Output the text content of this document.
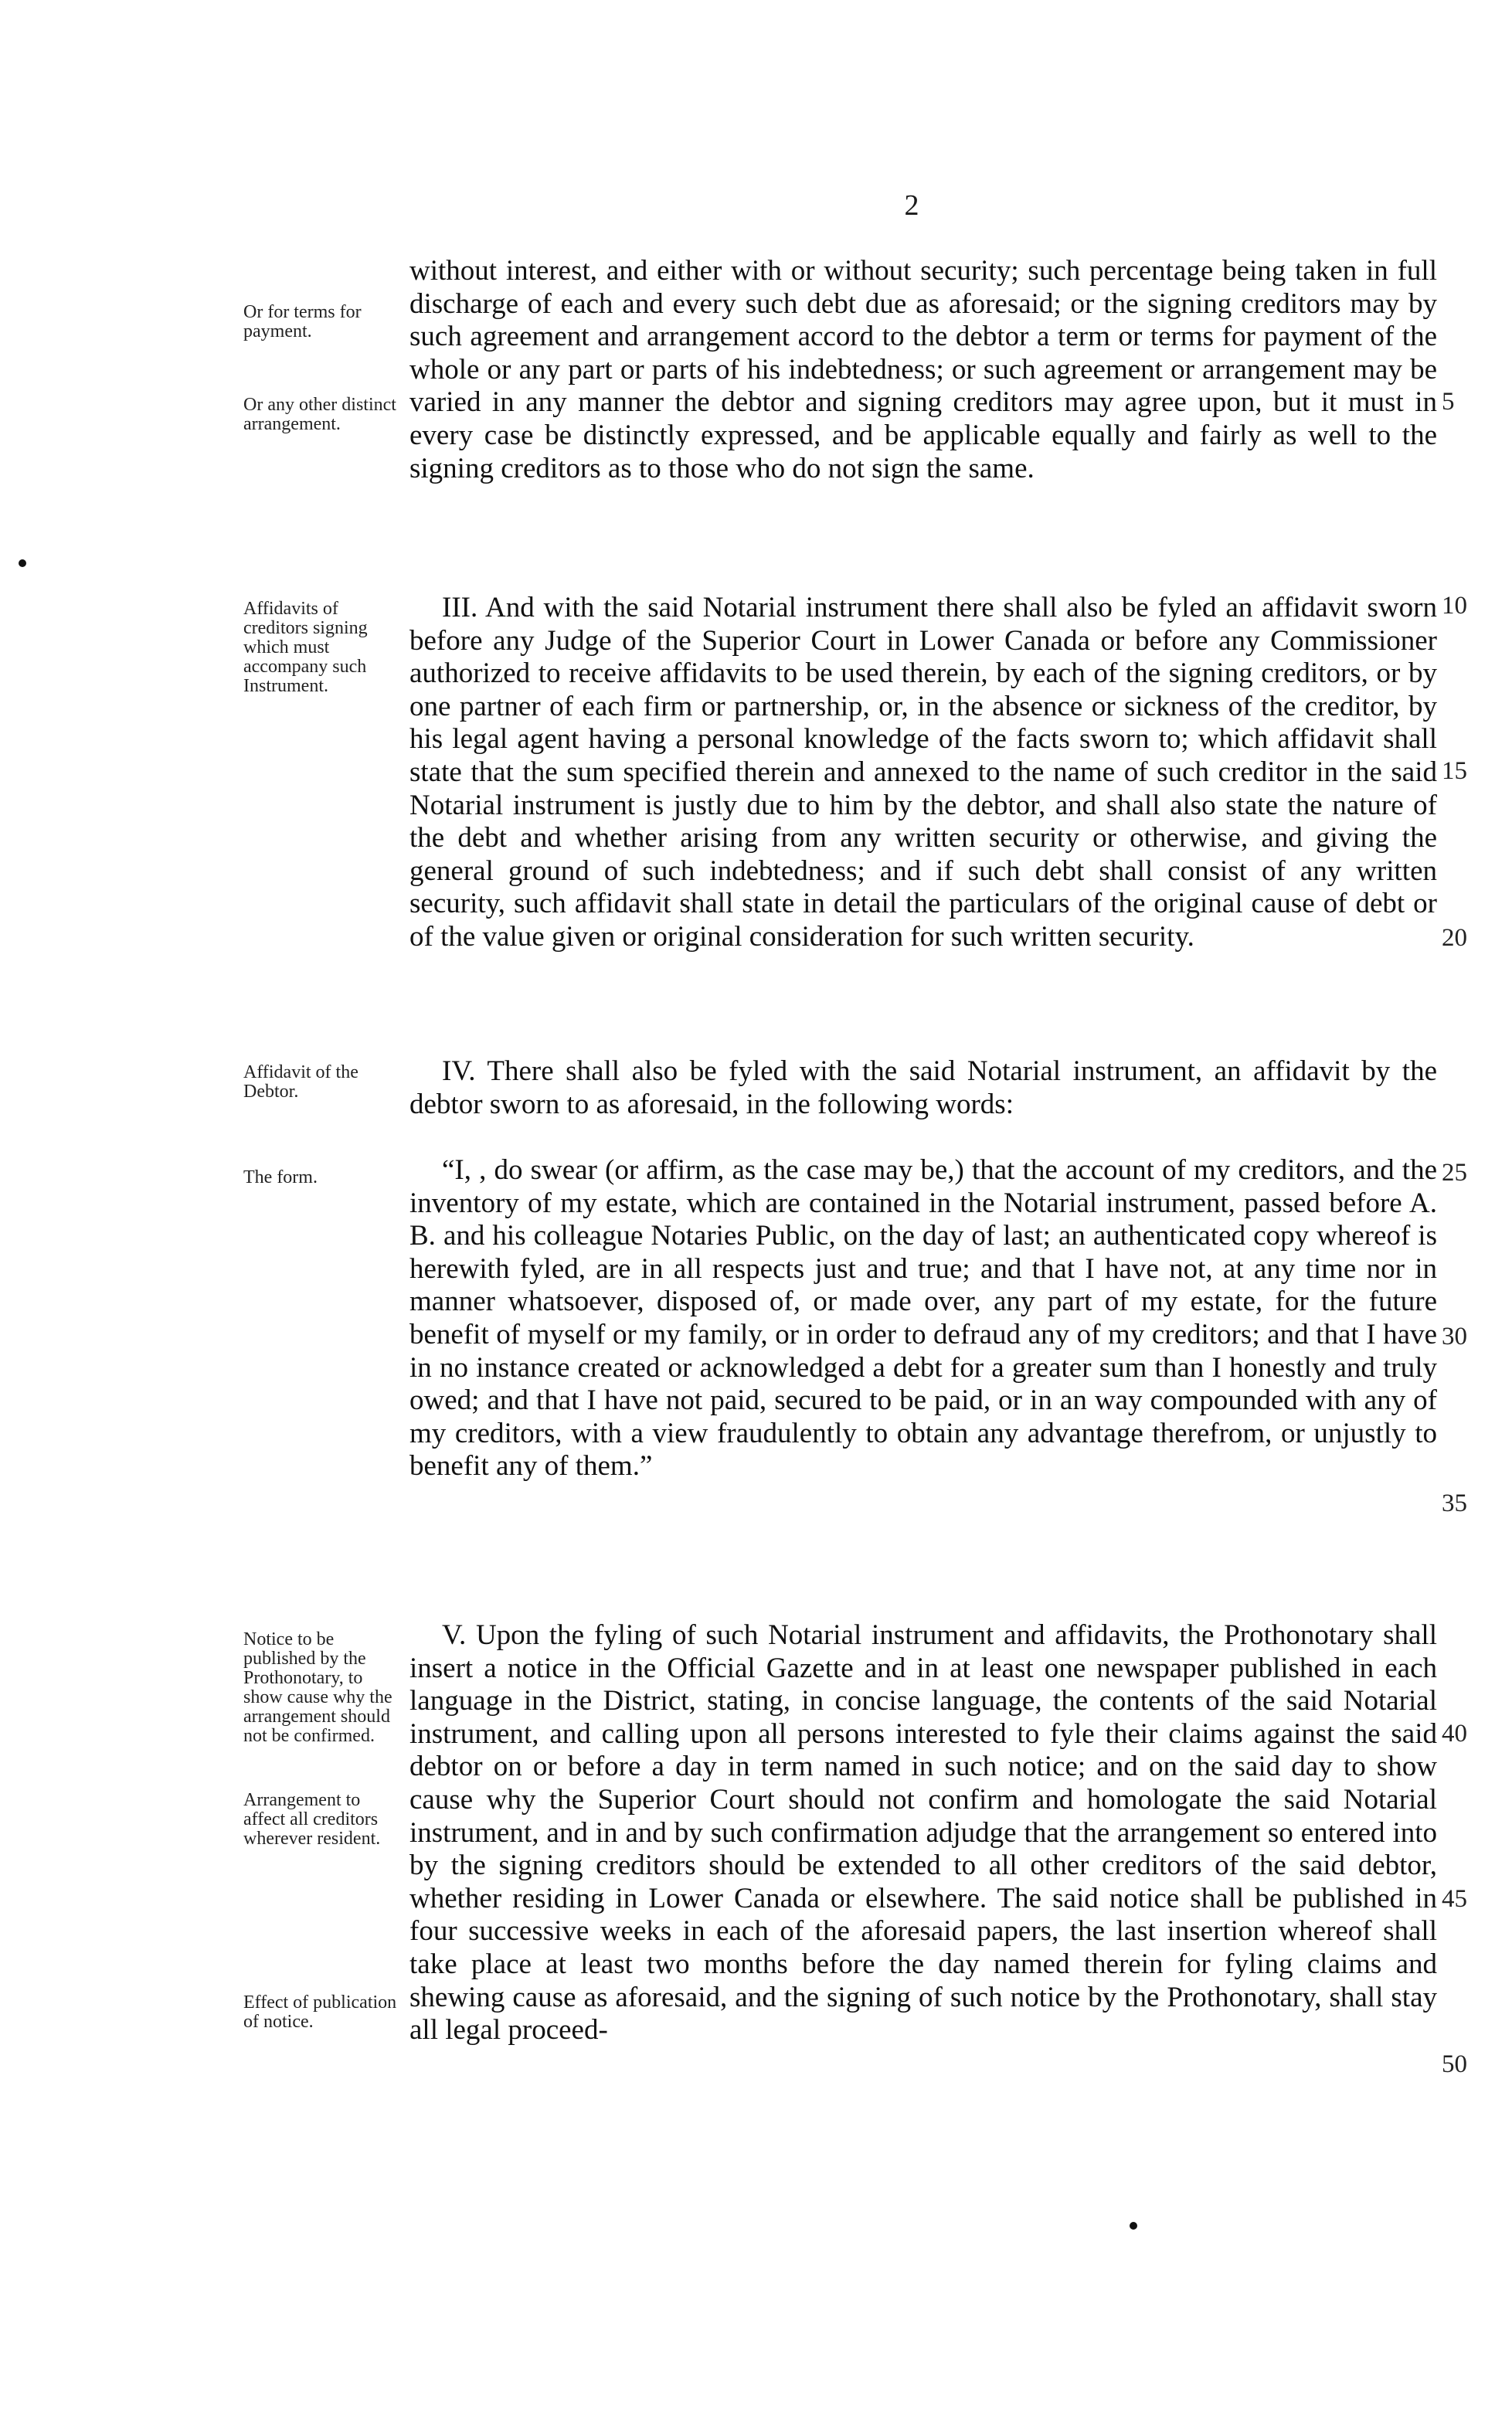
2
Or for terms for payment.
Or any other distinct arrangement.

without interest, and either with or without security; such percentage being taken in full discharge of each and every such debt due as aforesaid; or the signing creditors may by such agreement and arrangement accord to the debtor a term or terms for payment of the whole or any part or parts of his indebtedness; or such agreement or arrangement may be varied in any manner the debtor and signing creditors may agree upon, but it must in every case be distinctly expressed, and be applicable equally and fairly as well to the signing creditors as to those who do not sign the same.

Affidavits of creditors signing which must accompany such Instrument.

III. And with the said Notarial instrument there shall also be fyled an affidavit sworn before any Judge of the Superior Court in Lower Canada or before any Commissioner authorized to receive affidavits to be used therein, by each of the signing creditors, or by one partner of each firm or partnership, or, in the absence or sickness of the creditor, by his legal agent having a personal knowledge of the facts sworn to; which affidavit shall state that the sum specified therein and annexed to the name of such creditor in the said Notarial instrument is justly due to him by the debtor, and shall also state the nature of the debt and whether arising from any written security or otherwise, and giving the general ground of such indebtedness; and if such debt shall consist of any written security, such affidavit shall state in detail the particulars of the original cause of debt or of the value given or original consideration for such written security.

Affidavit of the Debtor.

IV. There shall also be fyled with the said Notarial instrument, an affidavit by the debtor sworn to as aforesaid, in the following words:

The form.	“I, , do swear (or affirm, as the case may be,) that the account of my creditors, and the inventory of my estate, which are contained in the Notarial instrument, passed before A. B. and his colleague Notaries Public, on the day of last; an authenticated copy whereof is herewith fyled, are in all respects just and true; and that I have not, at any time nor in manner whatsoever, disposed of, or made over, any part of my estate, for the future benefit of myself or my family, or in order to defraud any of my creditors; and that I have in no instance created or acknowledged a debt for a greater sum than I honestly and truly owed; and that I have not paid, secured to be paid, or in an way compounded with any of my creditors, with a view fraudulently to obtain any advantage therefrom, or unjustly to benefit any of them.”

Notice to be published by the Prothonotary, to show cause why the arrangement should not be confirmed.
Arrangement to affect all creditors wherever resident.
Effect of publication of notice.

V. Upon the fyling of such Notarial instrument and affidavits, the Prothonotary shall insert a notice in the Official Gazette and in at least one newspaper published in each language in the District, stating, in concise language, the contents of the said Notarial instrument, and calling upon all persons interested to fyle their claims against the said debtor on or before a day in term named in such notice; and on the said day to show cause why the Superior Court should not confirm and homologate the said Notarial instrument, and in and by such confirmation adjudge that the arrangement so entered into by the signing creditors should be extended to all other creditors of the said debtor, whether residing in Lower Canada or elsewhere. The said notice shall be published in four successive weeks in each of the aforesaid papers, the last insertion whereof shall take place at least two months before the day named therein for fyling claims and shewing cause as aforesaid, and the signing of such notice by the Prothonotary, shall stay all legal proceed-

5
10
15
20
25
30
35
40
45
50
